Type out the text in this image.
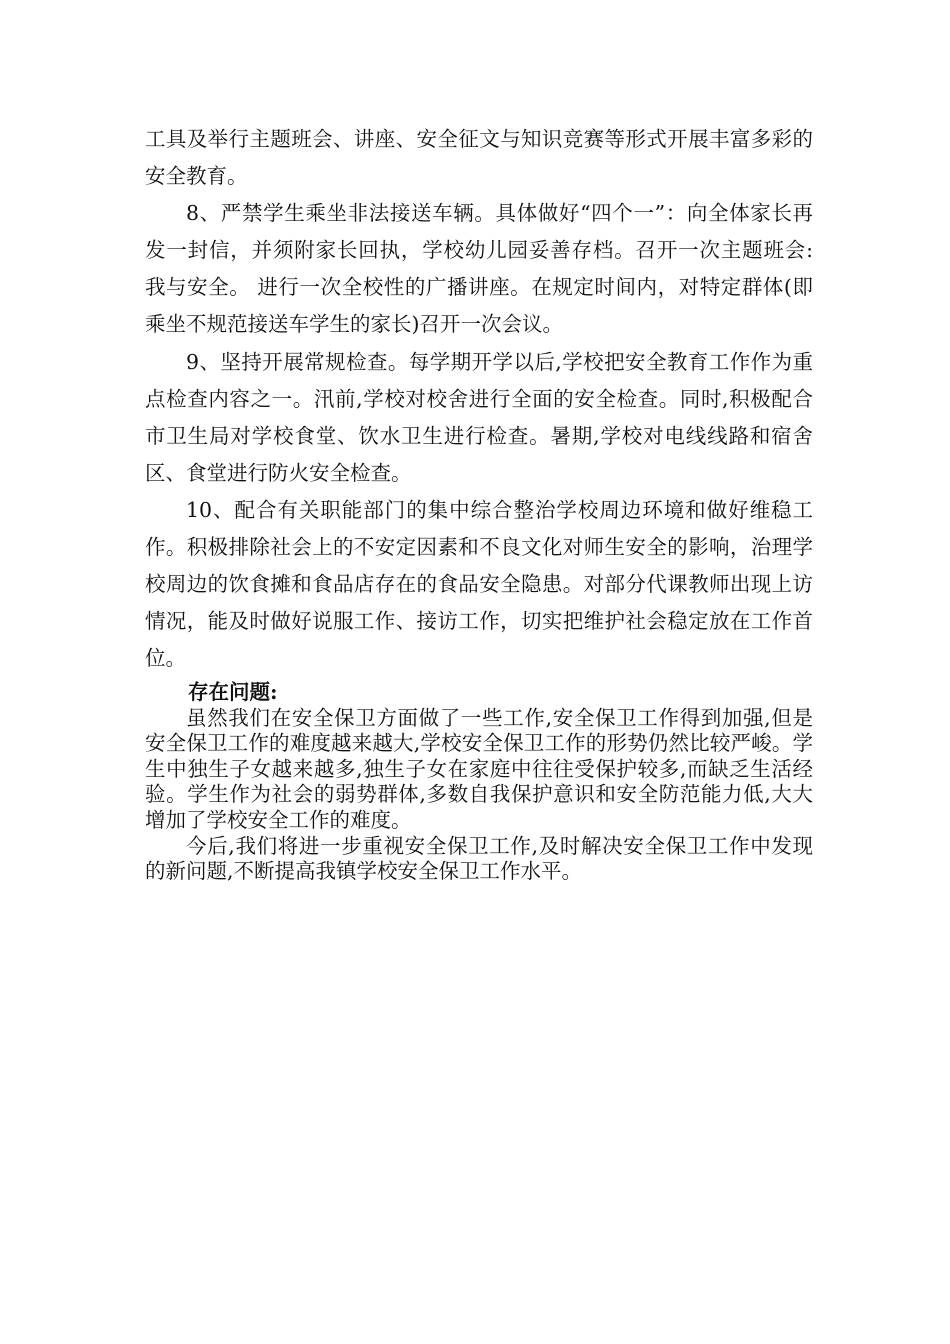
工具及举行主题班会、讲座、安全征文与知识竞赛等形式开展丰富多彩的安全教育。

8、严禁学生乘坐非法接送车辆。具体做好“四个一”：向全体家长再发一封信，并须附家长回执，学校幼儿园妥善存档。召开一次主题班会: 我与安全。 进行一次全校性的广播讲座。在规定时间内，对特定群体(即乘坐不规范接送车学生的家长)召开一次会议。

9、坚持开展常规检查。每学期开学以后,学校把安全教育工作作为重点检查内容之一。汛前,学校对校舍进行全面的安全检查。同时,积极配合市卫生局对学校食堂、饮水卫生进行检查。暑期,学校对电线线路和宿舍区、食堂进行防火安全检查。

10、配合有关职能部门的集中综合整治学校周边环境和做好维稳工作。积极排除社会上的不安定因素和不良文化对师生安全的影响，治理学校周边的饮食摊和食品店存在的食品安全隐患。对部分代课教师出现上访情况，能及时做好说服工作、接访工作，切实把维护社会稳定放在工作首位。

存在问题:

虽然我们在安全保卫方面做了一些工作,安全保卫工作得到加强,但是安全保卫工作的难度越来越大,学校安全保卫工作的形势仍然比较严峻。学生中独生子女越来越多,独生子女在家庭中往往受保护较多,而缺乏生活经验。学生作为社会的弱势群体,多数自我保护意识和安全防范能力低,大大增加了学校安全工作的难度。

今后,我们将进一步重视安全保卫工作,及时解决安全保卫工作中发现的新问题,不断提高我镇学校安全保卫工作水平。
